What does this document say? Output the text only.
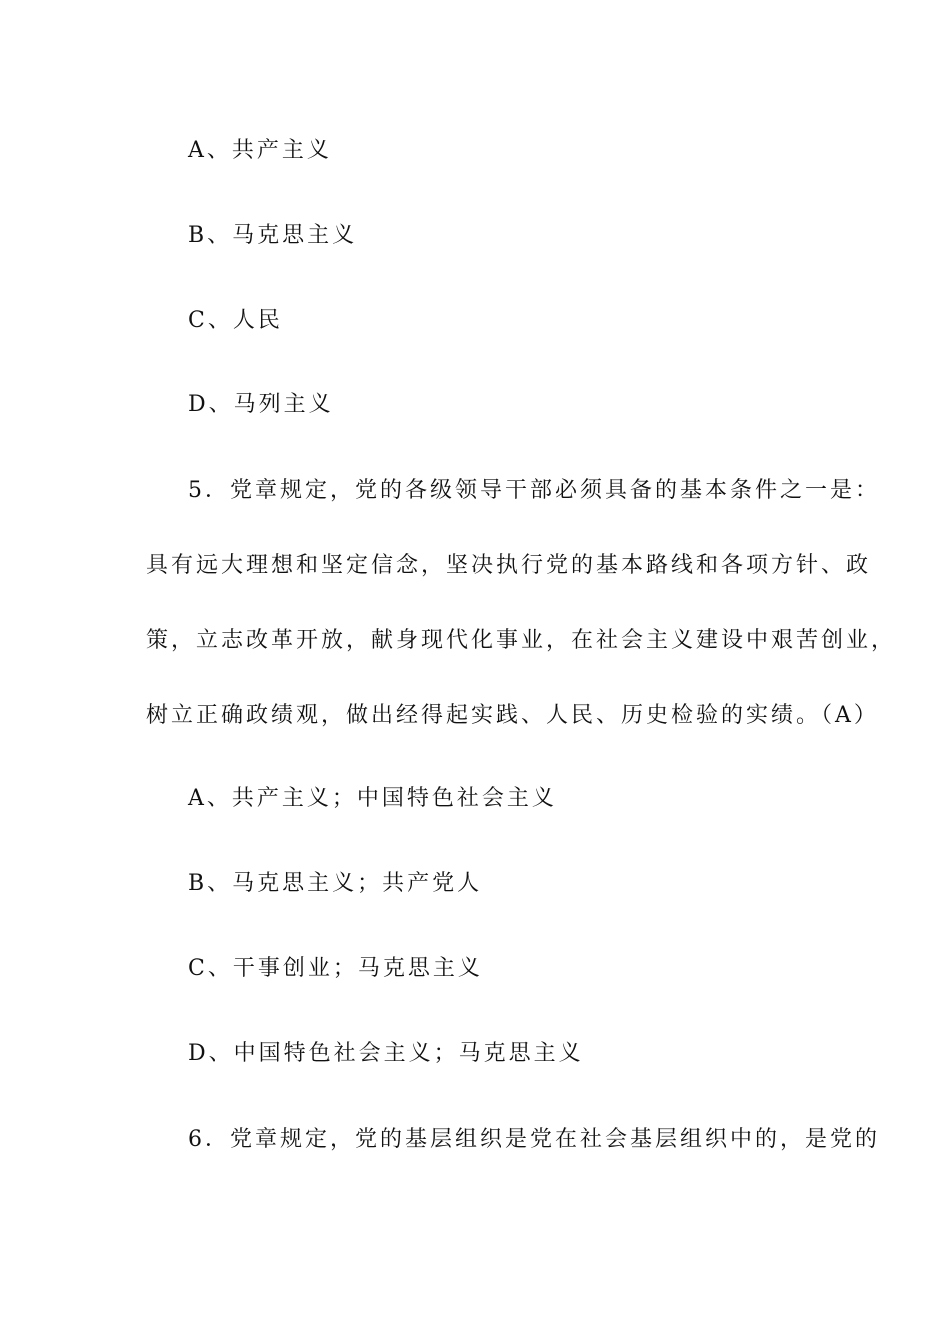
A、共产主义
B、马克思主义
C、人民
D、马列主义
5．党章规定，党的各级领导干部必须具备的基本条件之一是：
具有远大理想和坚定信念，坚决执行党的基本路线和各项方针、政
策，立志改革开放，献身现代化事业，在社会主义建设中艰苦创业，
树立正确政绩观，做出经得起实践、人民、历史检验的实绩。（A）
A、共产主义；中国特色社会主义
B、马克思主义；共产党人
C、干事创业；马克思主义
D、中国特色社会主义；马克思主义
6．党章规定，党的基层组织是党在社会基层组织中的，是党的
